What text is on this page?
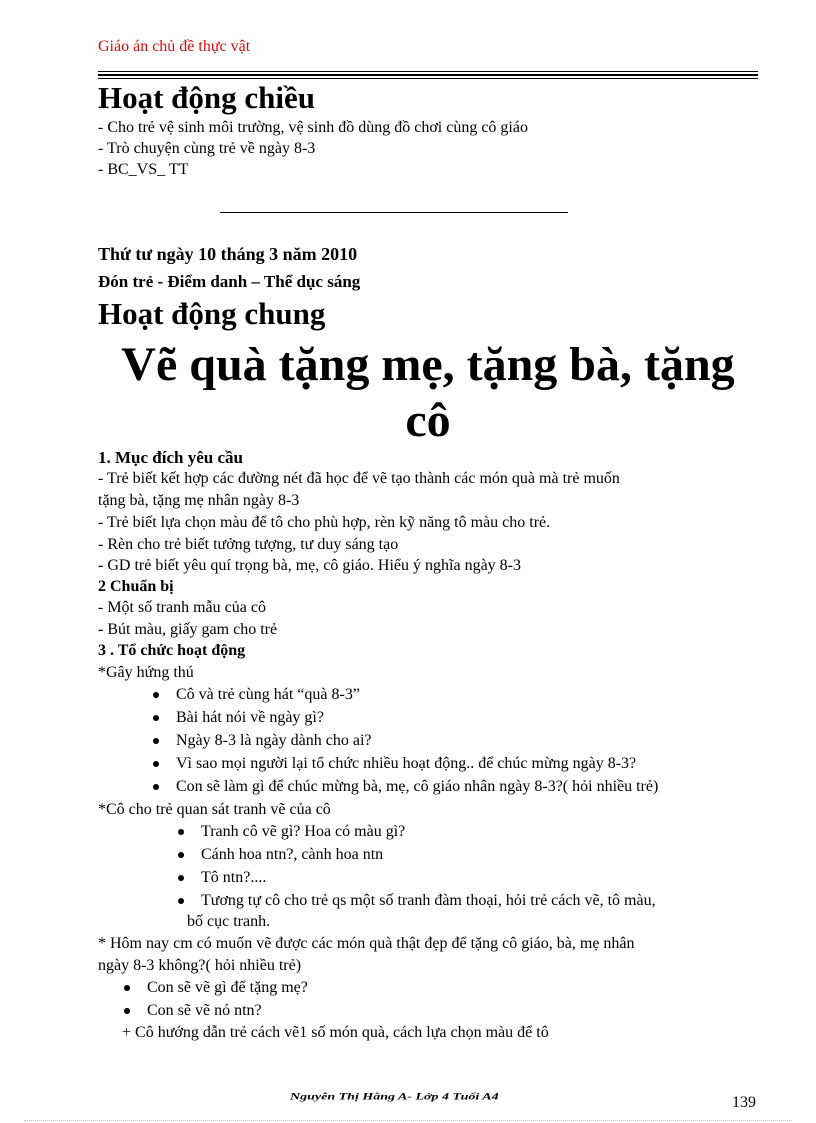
Giáo án chủ đề thực vật
Hoạt động chiều
- Cho trẻ vệ sinh môi trường, vệ sinh đồ dùng đồ chơi cùng cô giáo
- Trò chuyện cùng trẻ về ngày 8-3
- BC_VS_ TT
Thứ tư ngày 10 tháng 3 năm 2010
Đón trẻ - Điểm danh – Thể dục sáng
Hoạt động chung
Vẽ quà tặng mẹ, tặng bà, tặng
cô
1. Mục đích yêu cầu
- Trẻ biết kết hợp các đường nét đã học để vẽ tạo thành các món quà mà trẻ muốn
tặng bà, tặng mẹ nhân ngày 8-3
- Trẻ biết lựa chọn màu để tô cho phù hợp, rèn kỹ năng tô màu cho trẻ.
- Rèn cho trẻ biết tưởng tượng, tư duy sáng tạo
- GD trẻ biết yêu quí trọng bà, mẹ, cô giáo. Hiểu ý nghĩa ngày 8-3
2 Chuẩn bị
- Một số tranh mẫu của cô
- Bút màu, giấy gam cho trẻ
3 . Tổ chức hoạt động
*Gây hứng thú
Cô và trẻ cùng hát “quà 8-3”
Bài hát nói về ngày gì?
Ngày 8-3 là ngày dành cho ai?
Vì sao mọi người lại tổ chức nhiều hoạt động.. để chúc mừng ngày 8-3?
Con sẽ làm gì để chúc mừng bà, mẹ, cô giáo nhân ngày 8-3?( hỏi nhiều trẻ)
*Cô cho trẻ quan sát tranh vẽ của cô
Tranh cô vẽ gì? Hoa có màu gì?
Cánh hoa ntn?, cành hoa ntn
Tô ntn?....
Tương tự cô cho trẻ qs một số tranh đàm thoại, hỏi trẻ cách vẽ, tô màu,
bố cục tranh.
* Hôm nay cm có muốn vẽ được các món quà thật đẹp để tặng cô giáo, bà, mẹ nhân
ngày 8-3 không?( hỏi nhiều trẻ)
Con sẽ vẽ gì để tặng mẹ?
Con sẽ vẽ nó ntn?
+ Cô hướng dẫn trẻ cách vẽ1 số món quà, cách lựa chọn màu để tô
Nguyễn Thị Hằng A- Lớp 4 Tuổi A4	139
